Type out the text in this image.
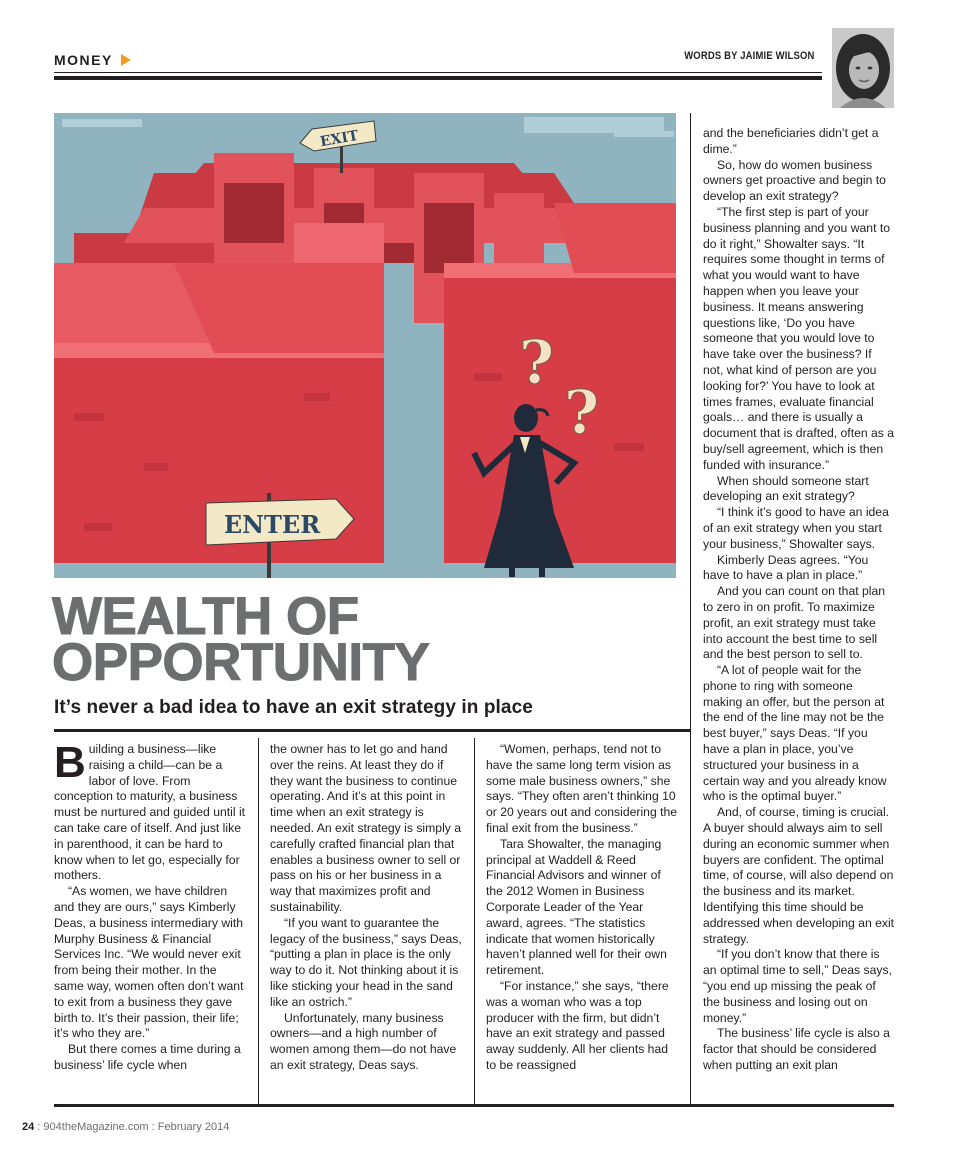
MONEY	WORDS BY JAIMIE WILSON
EXIT
ENTER
?
?
WEALTH OF
OPPORTUNITY
It’s never a bad idea to have an exit strategy in place

Building a business—like raising a child—can be a labor of love. From conception to maturity, a business must be nurtured and guided until it can take care of itself. And just like in parenthood, it can be hard to know when to let go, especially for mothers.

“As women, we have children and they are ours,” says Kimberly Deas, a business intermediary with Murphy Business & Financial Services Inc. “We would never exit from being their mother. In the same way, women often don’t want to exit from a business they gave birth to. It’s their passion, their life; it’s who they are.”

But there comes a time during a business’ life cycle when

the owner has to let go and hand over the reins. At least they do if they want the business to continue operating. And it’s at this point in time when an exit strategy is needed. An exit strategy is simply a carefully crafted financial plan that enables a business owner to sell or pass on his or her business in a way that maximizes profit and sustainability.

“If you want to guarantee the legacy of the business,” says Deas, “putting a plan in place is the only way to do it. Not thinking about it is like sticking your head in the sand like an ostrich.”

Unfortunately, many business owners—and a high number of women among them—do not have an exit strategy, Deas says.

“Women, perhaps, tend not to have the same long term vision as some male business owners,” she says. “They often aren’t thinking 10 or 20 years out and considering the final exit from the business.”

Tara Showalter, the managing principal at Waddell & Reed Financial Advisors and winner of the 2012 Women in Business Corporate Leader of the Year award, agrees. “The statistics indicate that women historically haven’t planned well for their own retirement.

“For instance,” she says, “there was a woman who was a top producer with the firm, but didn’t have an exit strategy and passed away suddenly. All her clients had to be reassigned

and the beneficiaries didn’t get a dime.”

So, how do women business owners get proactive and begin to develop an exit strategy?

“The first step is part of your business planning and you want to do it right,” Showalter says. “It requires some thought in terms of what you would want to have happen when you leave your business. It means answering questions like, ‘Do you have someone that you would love to have take over the business? If not, what kind of person are you looking for?’ You have to look at times frames, evaluate financial goals… and there is usually a document that is drafted, often as a buy/sell agreement, which is then funded with insurance.”

When should someone start developing an exit strategy?

“I think it’s good to have an idea of an exit strategy when you start your business,” Showalter says.

Kimberly Deas agrees. “You have to have a plan in place.”

And you can count on that plan to zero in on profit. To maximize profit, an exit strategy must take into account the best time to sell and the best person to sell to.

“A lot of people wait for the phone to ring with someone making an offer, but the person at the end of the line may not be the best buyer,” says Deas. “If you have a plan in place, you’ve structured your business in a certain way and you already know who is the optimal buyer.”

And, of course, timing is crucial. A buyer should always aim to sell during an economic summer when buyers are confident. The optimal time, of course, will also depend on the business and its market. Identifying this time should be addressed when developing an exit strategy.

“If you don’t know that there is an optimal time to sell,” Deas says, “you end up missing the peak of the business and losing out on money.”

The business’ life cycle is also a factor that should be considered when putting an exit plan

24 : 904theMagazine.com : February 2014
